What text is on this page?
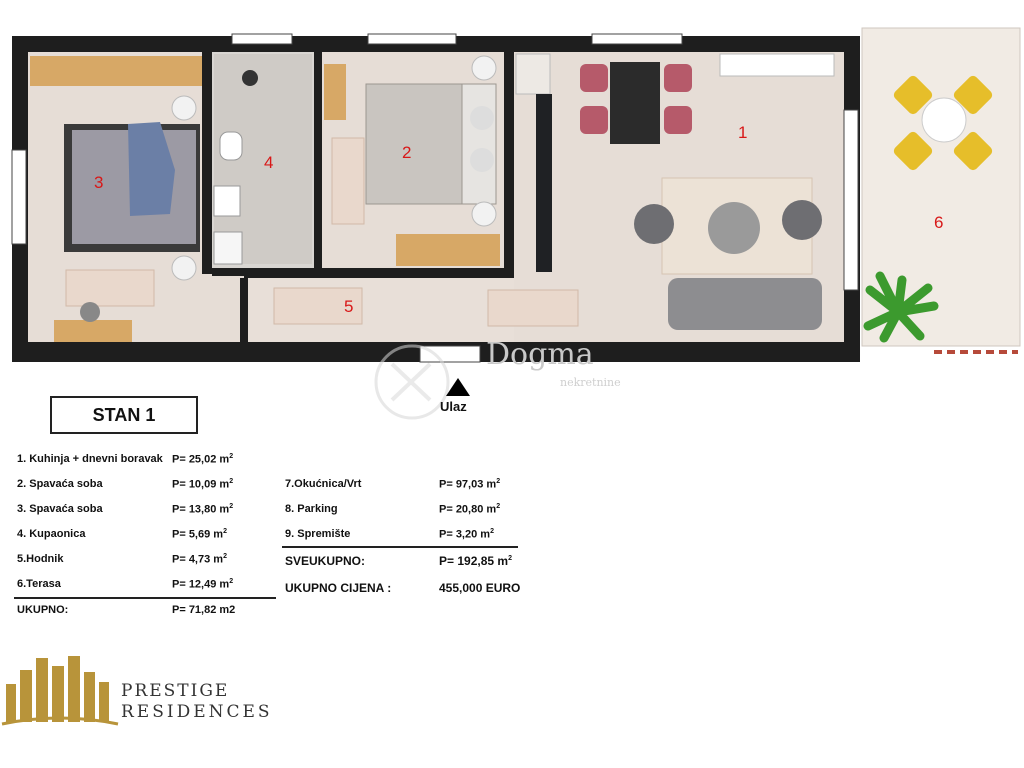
Dogma
nekretnine
1
2
3
4
5
6
Ulaz
STAN 1
1. Kuhinja + dnevni boravak P= 25,02 $m^2$
2. Spavaća soba	P= 10,09 $m^2$
3. Spavaća soba	P= 13,80 $m^2$
4. Kupaonica	P= 5,69 $m^2$
5.Hodnik	P= 4,73 $m^2$
6.Terasa	P= 12,49 $m^2$
UKUPNO:	P= 71,82 m2
7.Okućnica/Vrt	P= 97,03 $m^2$
8. Parking	P= 20,80 $m^2$
9. Spremište	P= 3,20 $m^2$
SVEUKUPNO:	P= 192,85 $m^2$
UKUPNO CIJENA :	455,000 EURO
PRESTIGE
RESIDENCES
